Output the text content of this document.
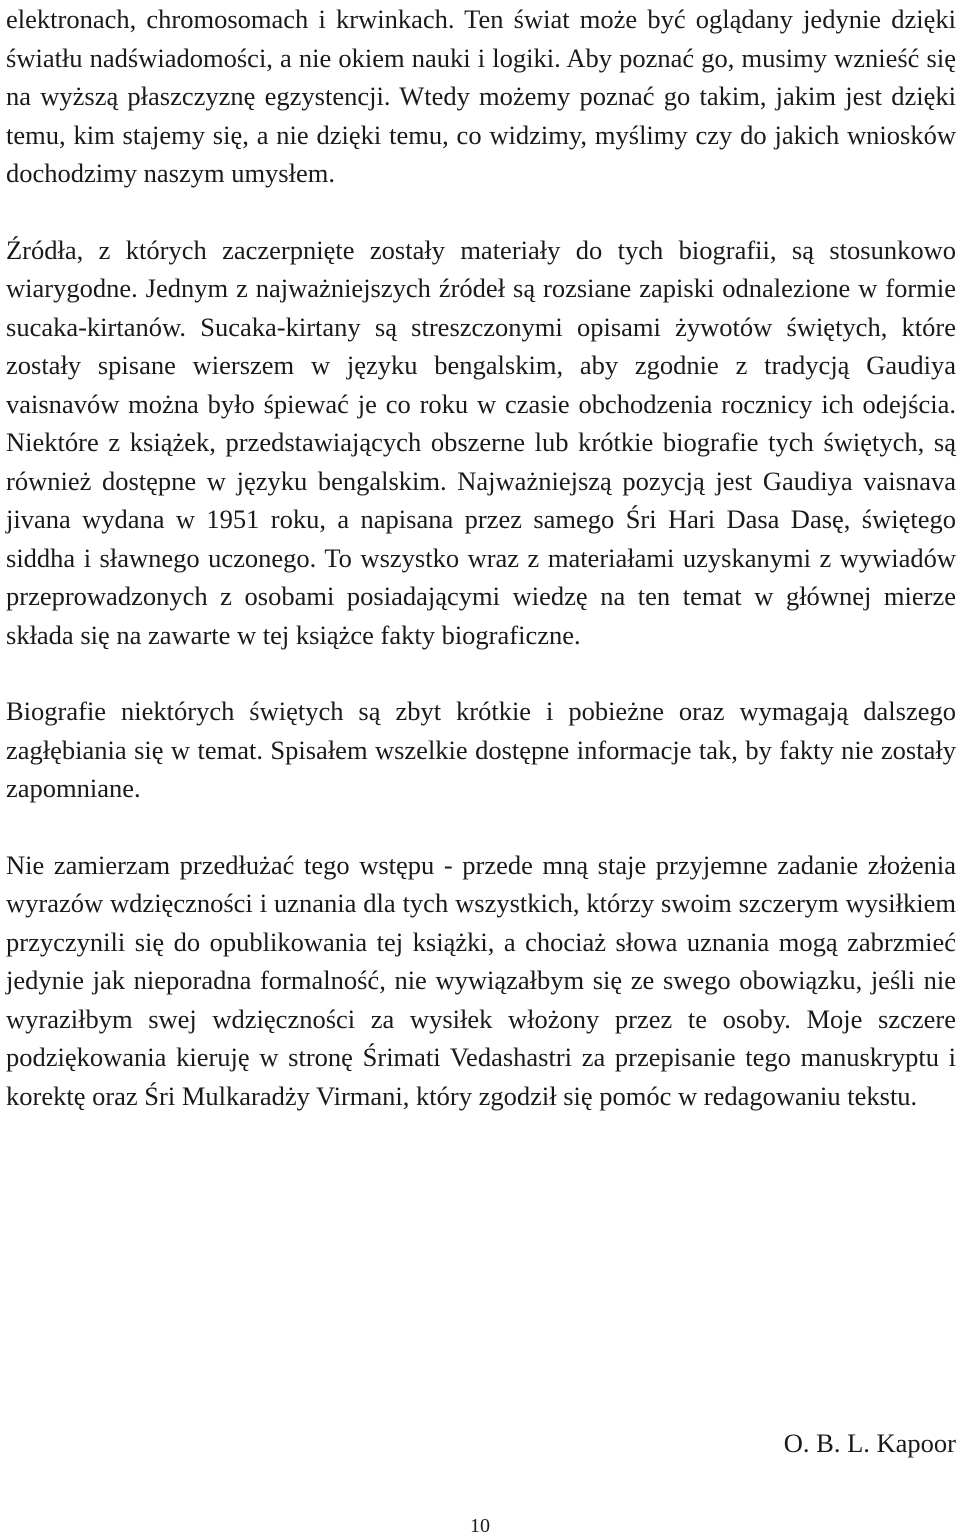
elektronach, chromosomach i krwinkach. Ten świat może być oglądany jedynie dzięki światłu nadświadomości, a nie okiem nauki i logiki. Aby poznać go, musimy wznieść się na wyższą płaszczyznę egzystencji. Wtedy możemy poznać go takim, jakim jest dzięki temu, kim stajemy się, a nie dzięki temu, co widzimy, myślimy czy do jakich wniosków dochodzimy naszym umysłem.

Źródła, z których zaczerpnięte zostały materiały do tych biografii, są stosunkowo wiarygodne. Jednym z najważniejszych źródeł są rozsiane zapiski odnalezione w formie sucaka-kirtanów. Sucaka-kirtany są streszczonymi opisami żywotów świętych, które zostały spisane wierszem w języku bengalskim, aby zgodnie z tradycją Gaudiya vaisnavów można było śpiewać je co roku w czasie obchodzenia rocznicy ich odejścia. Niektóre z książek, przedstawiających obszerne lub krótkie biografie tych świętych, są również dostępne w języku bengalskim. Najważniejszą pozycją jest Gaudiya vaisnava jivana wydana w 1951 roku, a napisana przez samego Śri Hari Dasa Dasę, świętego siddha i sławnego uczonego. To wszystko wraz z materiałami uzyskanymi z wywiadów przeprowadzonych z osobami posiadającymi wiedzę na ten temat w głównej mierze składa się na zawarte w tej książce fakty biograficzne.

Biografie niektórych świętych są zbyt krótkie i pobieżne oraz wymagają dalszego zagłębiania się w temat. Spisałem wszelkie dostępne informacje tak, by fakty nie zostały zapomniane.

Nie zamierzam przedłużać tego wstępu - przede mną staje przyjemne zadanie złożenia wyrazów wdzięczności i uznania dla tych wszystkich, którzy swoim szczerym wysiłkiem przyczynili się do opublikowania tej książki, a chociaż słowa uznania mogą zabrzmieć jedynie jak nieporadna formalność, nie wywiązałbym się ze swego obowiązku, jeśli nie wyraziłbym swej wdzięczności za wysiłek włożony przez te osoby. Moje szczere podziękowania kieruję w stronę Śrimati Vedashastri za przepisanie tego manuskryptu i korektę oraz Śri Mulkaradży Virmani, który zgodził się pomóc w redagowaniu tekstu.

O. B. L. Kapoor
10
